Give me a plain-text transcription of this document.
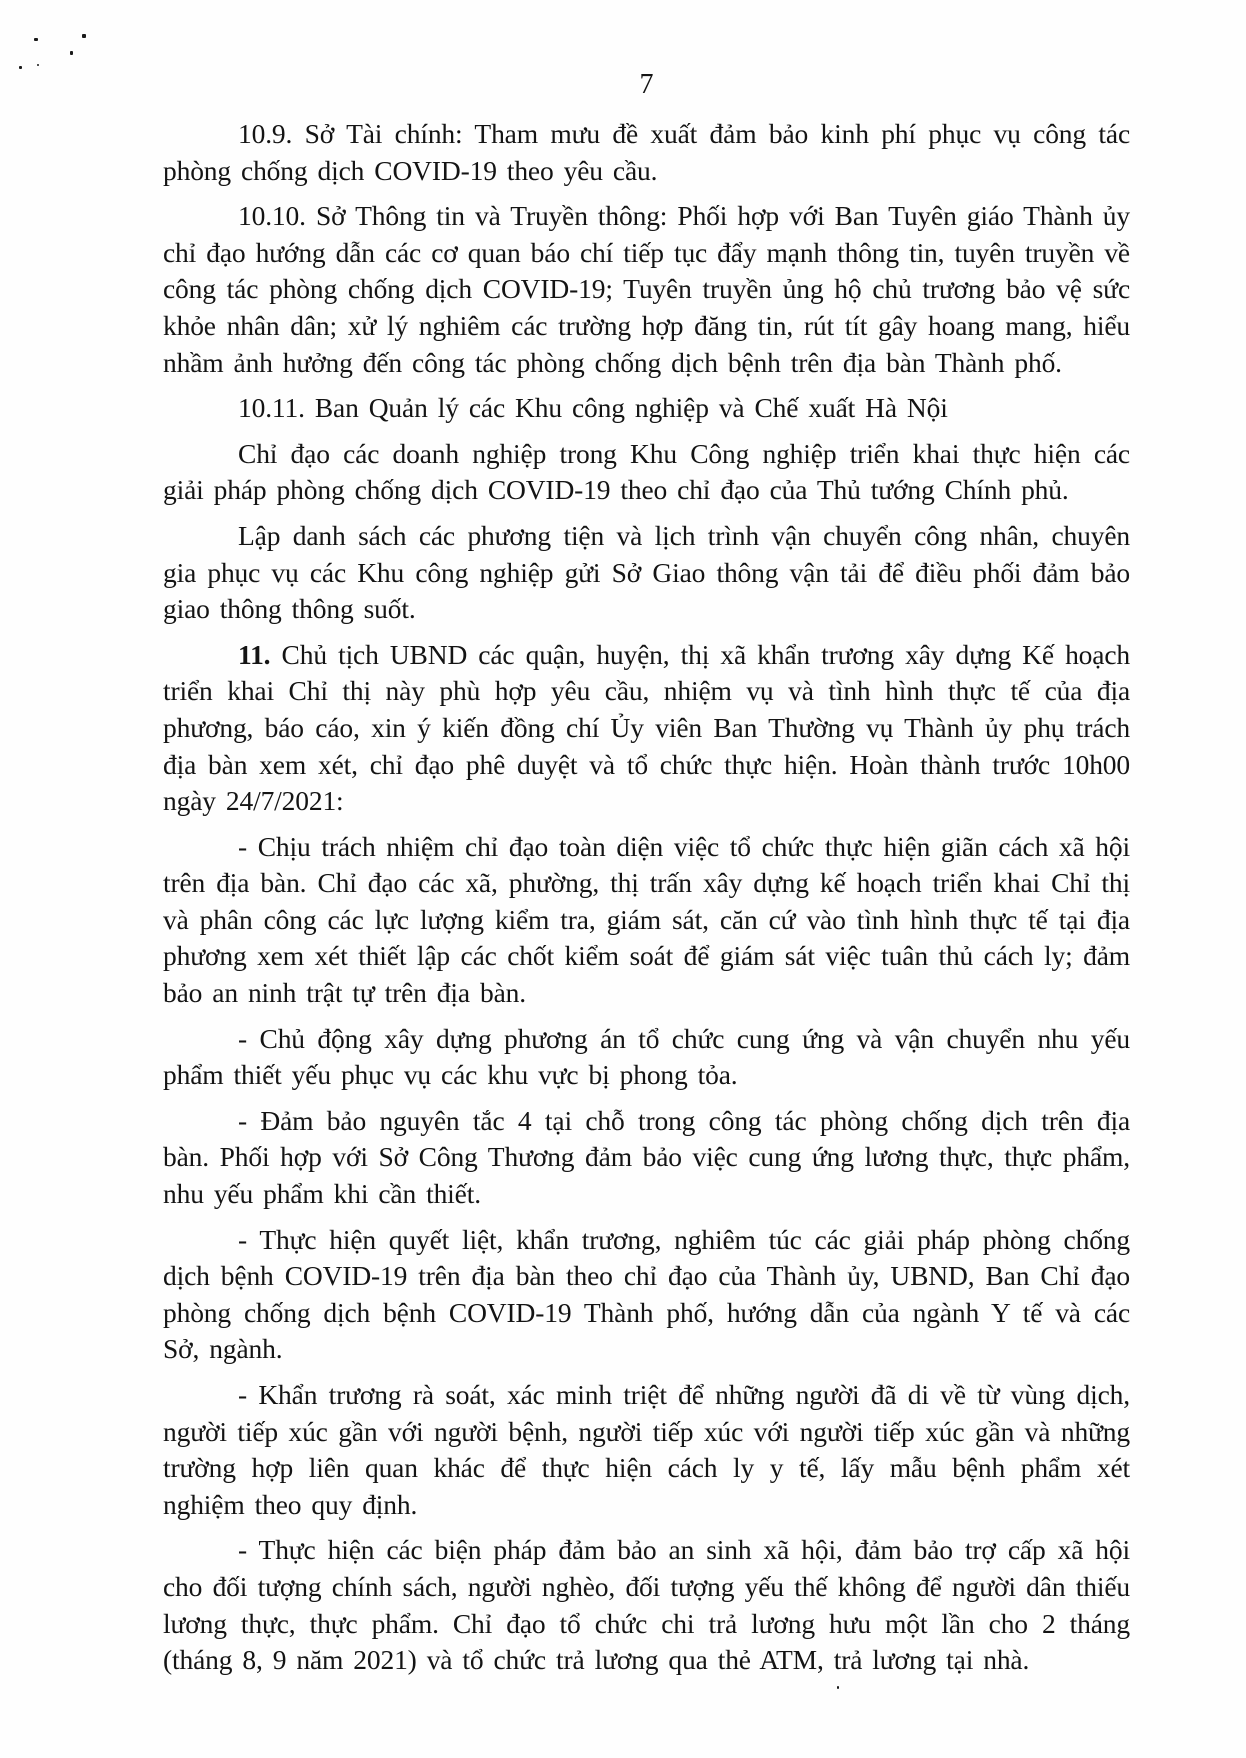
7

10.9. Sở Tài chính: Tham mưu đề xuất đảm bảo kinh phí phục vụ công tác phòng chống dịch COVID-19 theo yêu cầu.

10.10. Sở Thông tin và Truyền thông: Phối hợp với Ban Tuyên giáo Thành ủy chỉ đạo hướng dẫn các cơ quan báo chí tiếp tục đẩy mạnh thông tin, tuyên truyền về công tác phòng chống dịch COVID-19; Tuyên truyền ủng hộ chủ trương bảo vệ sức khỏe nhân dân; xử lý nghiêm các trường hợp đăng tin, rút tít gây hoang mang, hiểu nhầm ảnh hưởng đến công tác phòng chống dịch bệnh trên địa bàn Thành phố.

10.11. Ban Quản lý các Khu công nghiệp và Chế xuất Hà Nội

Chỉ đạo các doanh nghiệp trong Khu Công nghiệp triển khai thực hiện các giải pháp phòng chống dịch COVID-19 theo chỉ đạo của Thủ tướng Chính phủ.

Lập danh sách các phương tiện và lịch trình vận chuyển công nhân, chuyên gia phục vụ các Khu công nghiệp gửi Sở Giao thông vận tải để điều phối đảm bảo giao thông thông suốt.

11. Chủ tịch UBND các quận, huyện, thị xã khẩn trương xây dựng Kế hoạch triển khai Chỉ thị này phù hợp yêu cầu, nhiệm vụ và tình hình thực tế của địa phương, báo cáo, xin ý kiến đồng chí Ủy viên Ban Thường vụ Thành ủy phụ trách địa bàn xem xét, chỉ đạo phê duyệt và tổ chức thực hiện. Hoàn thành trước 10h00 ngày 24/7/2021:

- Chịu trách nhiệm chỉ đạo toàn diện việc tổ chức thực hiện giãn cách xã hội trên địa bàn. Chỉ đạo các xã, phường, thị trấn xây dựng kế hoạch triển khai Chỉ thị và phân công các lực lượng kiểm tra, giám sát, căn cứ vào tình hình thực tế tại địa phương xem xét thiết lập các chốt kiểm soát để giám sát việc tuân thủ cách ly; đảm bảo an ninh trật tự trên địa bàn.

- Chủ động xây dựng phương án tổ chức cung ứng và vận chuyển nhu yếu phẩm thiết yếu phục vụ các khu vực bị phong tỏa.

- Đảm bảo nguyên tắc 4 tại chỗ trong công tác phòng chống dịch trên địa bàn. Phối hợp với Sở Công Thương đảm bảo việc cung ứng lương thực, thực phẩm, nhu yếu phẩm khi cần thiết.

- Thực hiện quyết liệt, khẩn trương, nghiêm túc các giải pháp phòng chống dịch bệnh COVID-19 trên địa bàn theo chỉ đạo của Thành ủy, UBND, Ban Chỉ đạo phòng chống dịch bệnh COVID-19 Thành phố, hướng dẫn của ngành Y tế và các Sở, ngành.

- Khẩn trương rà soát, xác minh triệt để những người đã di về từ vùng dịch, người tiếp xúc gần với người bệnh, người tiếp xúc với người tiếp xúc gần và những trường hợp liên quan khác để thực hiện cách ly y tế, lấy mẫu bệnh phẩm xét nghiệm theo quy định.

- Thực hiện các biện pháp đảm bảo an sinh xã hội, đảm bảo trợ cấp xã hội cho đối tượng chính sách, người nghèo, đối tượng yếu thế không để người dân thiếu lương thực, thực phẩm. Chỉ đạo tổ chức chi trả lương hưu một lần cho 2 tháng (tháng 8, 9 năm 2021) và tổ chức trả lương qua thẻ ATM, trả lương tại nhà.
